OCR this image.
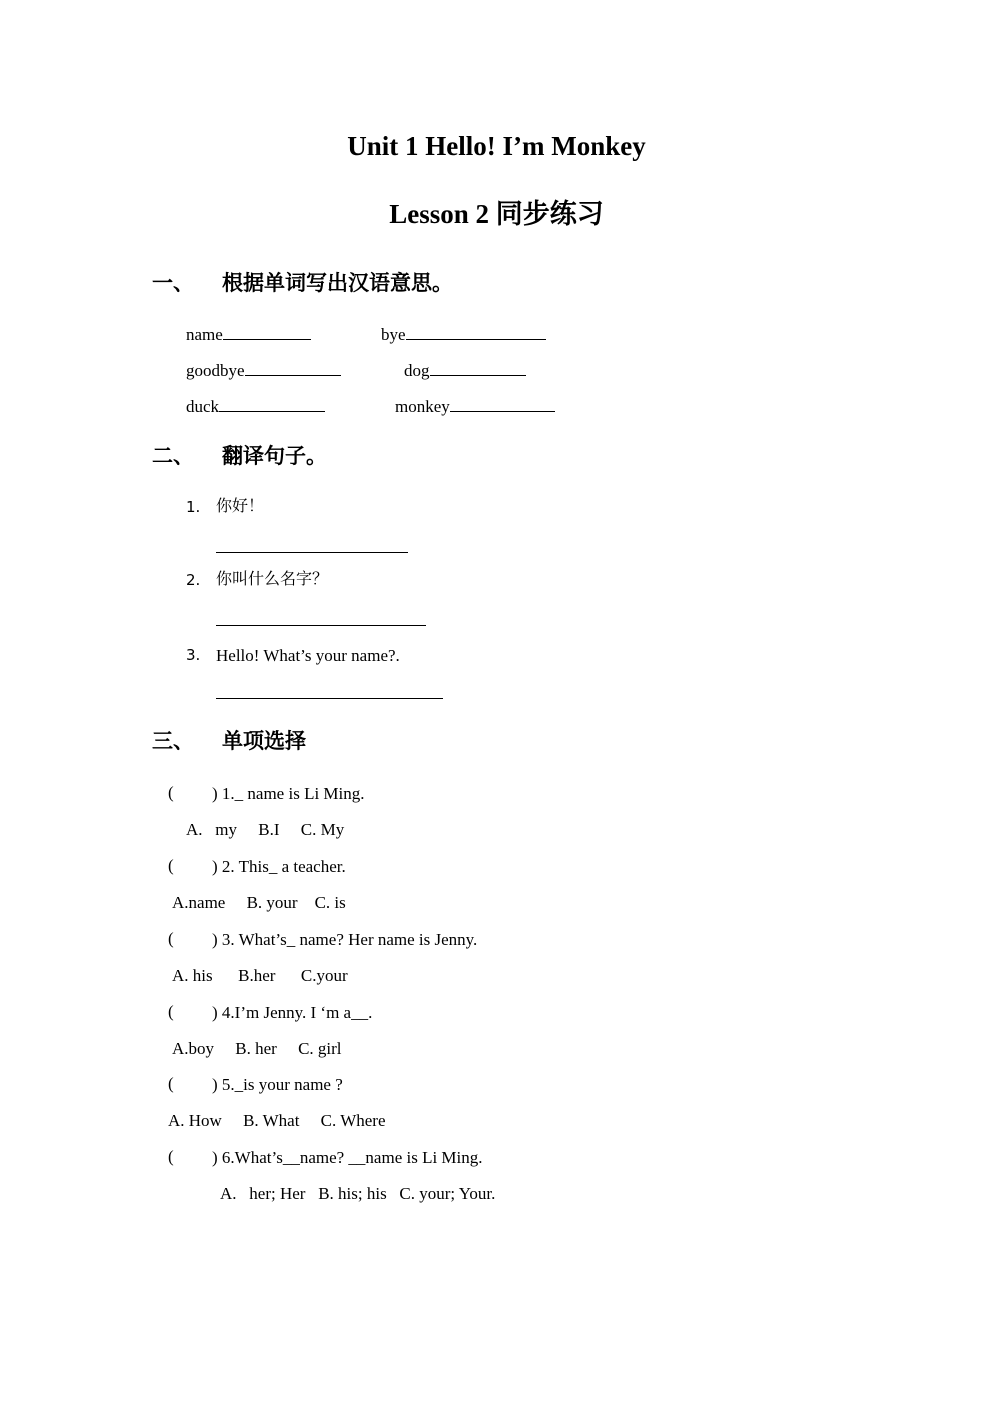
Unit 1 Hello! I’m Monkey
Lesson 2 同步练习
一、 根据单词写出汉语意思。
name	bye
goodbye	dog
duck	monkey
二、 翻译句子。
1. 你好！
2. 你叫什么名字？
3. Hello! What’s your name?.
三、 单项选择
( ) 1._ name is Li Ming.
A.   my     B.I     C. My
( ) 2. This_ a teacher.
A.name     B. your    C. is
( ) 3. What’s_ name? Her name is Jenny.
A. his      B.her      C.your
( ) 4.I’m Jenny. I ‘m a__.
A.boy     B. her     C. girl
( ) 5._is your name ?
A. How     B. What     C. Where
( ) 6.What’s__name? __name is Li Ming.
A.   her; Her   B. his; his   C. your; Your.
